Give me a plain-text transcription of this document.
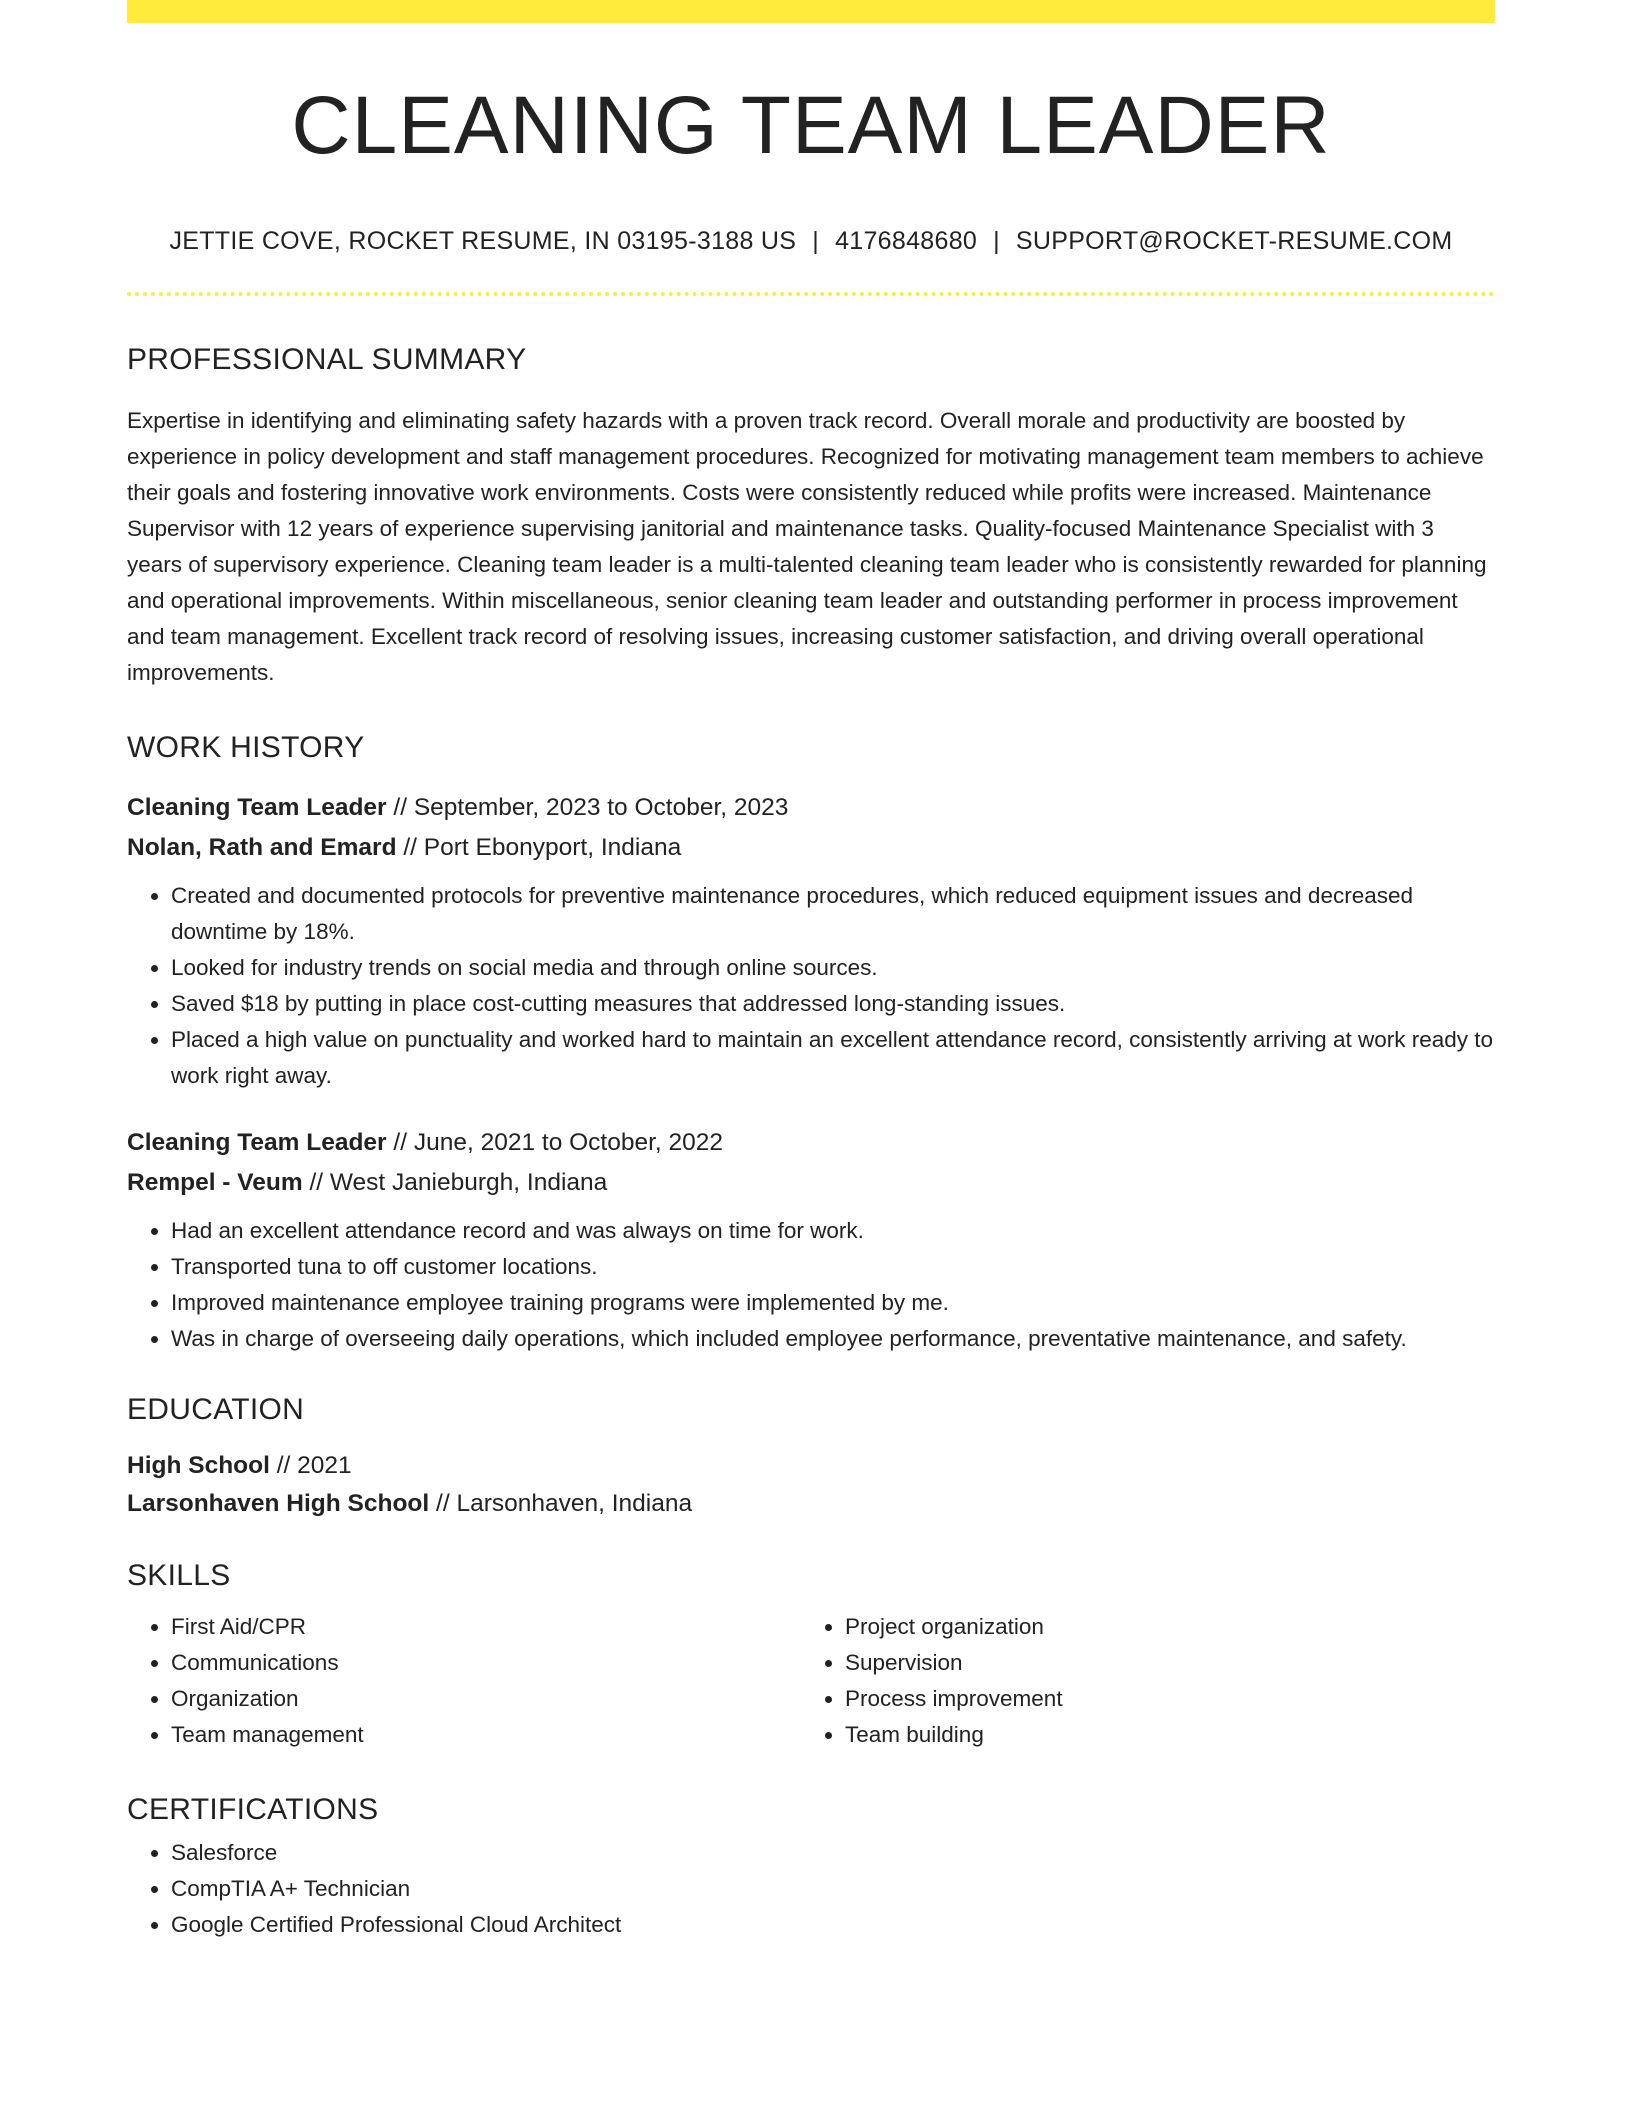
CLEANING TEAM LEADER
JETTIE COVE, ROCKET RESUME, IN 03195-3188 US | 4176848680 | SUPPORT@ROCKET-RESUME.COM
PROFESSIONAL SUMMARY

Expertise in identifying and eliminating safety hazards with a proven track record. Overall morale and productivity are boosted by experience in policy development and staff management procedures. Recognized for motivating management team members to achieve their goals and fostering innovative work environments. Costs were consistently reduced while profits were increased. Maintenance Supervisor with 12 years of experience supervising janitorial and maintenance tasks. Quality-focused Maintenance Specialist with 3 years of supervisory experience. Cleaning team leader is a multi-talented cleaning team leader who is consistently rewarded for planning and operational improvements. Within miscellaneous, senior cleaning team leader and outstanding performer in process improvement and team management. Excellent track record of resolving issues, increasing customer satisfaction, and driving overall operational improvements.

WORK HISTORY
Cleaning Team Leader // September, 2023 to October, 2023
Nolan, Rath and Emard // Port Ebonyport, Indiana
• Created and documented protocols for preventive maintenance procedures, which reduced equipment issues and decreased downtime by 18%.
• Looked for industry trends on social media and through online sources.
• Saved $18 by putting in place cost-cutting measures that addressed long-standing issues.
• Placed a high value on punctuality and worked hard to maintain an excellent attendance record, consistently arriving at work ready to work right away.
Cleaning Team Leader // June, 2021 to October, 2022
Rempel - Veum // West Janieburgh, Indiana
• Had an excellent attendance record and was always on time for work.
• Transported tuna to off customer locations.
• Improved maintenance employee training programs were implemented by me.
• Was in charge of overseeing daily operations, which included employee performance, preventative maintenance, and safety.
EDUCATION
High School // 2021
Larsonhaven High School // Larsonhaven, Indiana
SKILLS
• First Aid/CPR
• Communications
• Organization
• Team management
• Project organization
• Supervision
• Process improvement
• Team building
CERTIFICATIONS
• Salesforce
• CompTIA A+ Technician
• Google Certified Professional Cloud Architect
